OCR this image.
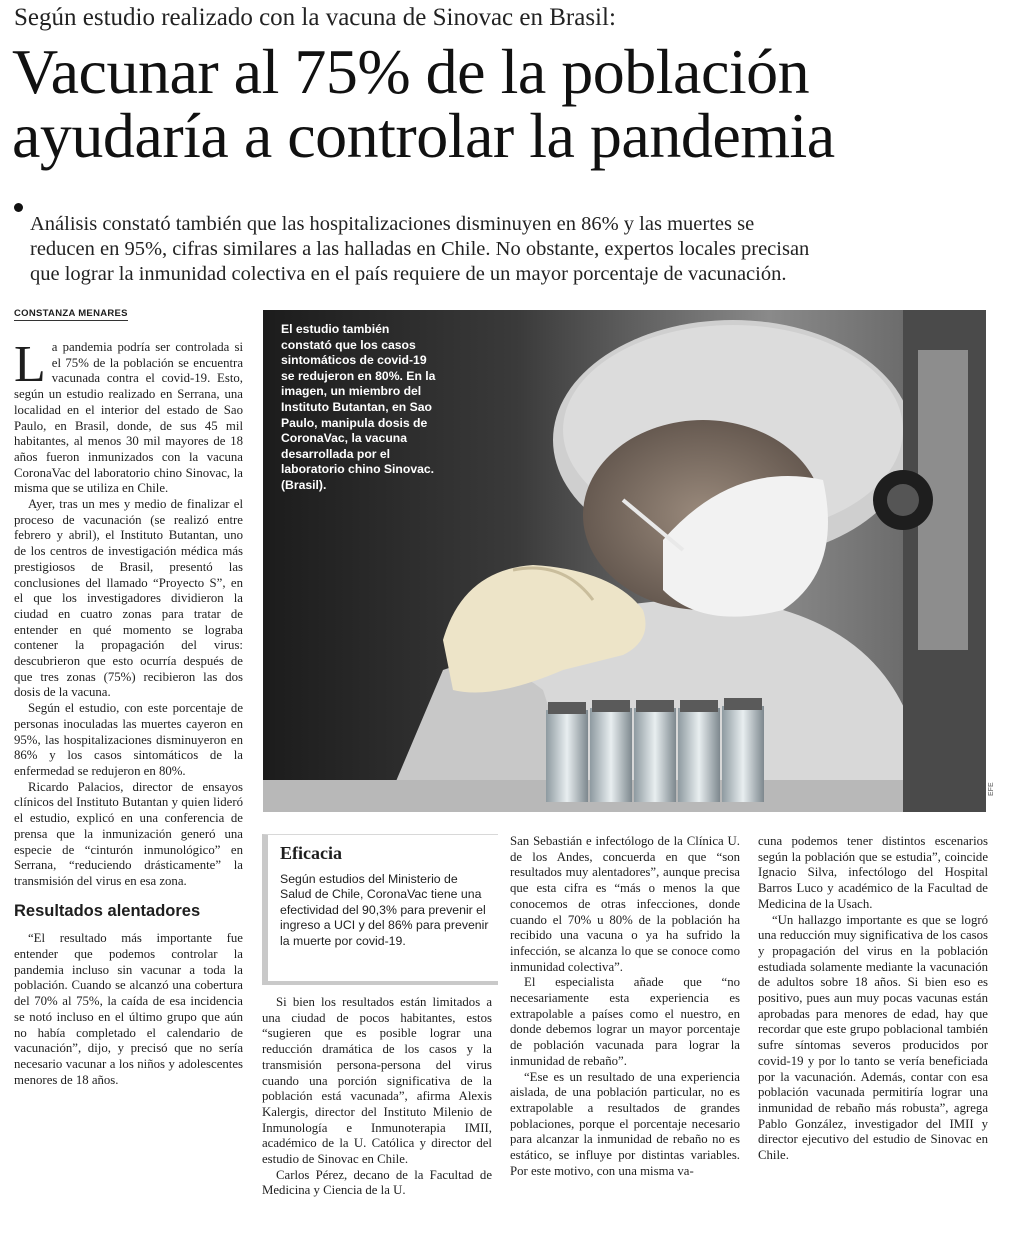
Según estudio realizado con la vacuna de Sinovac en Brasil:
Vacunar al 75% de la población
ayudaría a controlar la pandemia
Análisis constató también que las hospitalizaciones disminuyen en 86% y las muertes se
reducen en 95%, cifras similares a las halladas en Chile. No obstante, expertos locales precisan
que lograr la inmunidad colectiva en el país requiere de un mayor porcentaje de vacunación.
CONSTANZA MENARES

La pandemia podría ser controlada si el 75% de la población se encuentra vacunada contra el covid-19. Esto, según un estudio realizado en Serrana, una localidad en el interior del estado de Sao Paulo, en Brasil, donde, de sus 45 mil habitantes, al menos 30 mil mayores de 18 años fueron inmunizados con la vacuna CoronaVac del laboratorio chino Sinovac, la misma que se utiliza en Chile.

Ayer, tras un mes y medio de finalizar el proceso de vacunación (se realizó entre febrero y abril), el Instituto Butantan, uno de los centros de investigación médica más prestigiosos de Brasil, presentó las conclusiones del llamado “Proyecto S”, en el que los investigadores dividieron la ciudad en cuatro zonas para tratar de entender en qué momento se lograba contener la propagación del virus: descubrieron que esto ocurría después de que tres zonas (75%) recibieron las dos dosis de la vacuna.

Según el estudio, con este porcentaje de personas inoculadas las muertes cayeron en 95%, las hospitalizaciones disminuyeron en 86% y los casos sintomáticos de la enfermedad se redujeron en 80%.

Ricardo Palacios, director de ensayos clínicos del Instituto Butantan y quien lideró el estudio, explicó en una conferencia de prensa que la inmunización generó una especie de “cinturón inmunológico” en Serrana, “reduciendo drásticamente” la transmisión del virus en esa zona.

Resultados alentadores

“El resultado más importante fue entender que podemos controlar la pandemia incluso sin vacunar a toda la población. Cuando se alcanzó una cobertura del 70% al 75%, la caída de esa incidencia se notó incluso en el último grupo que aún no había completado el calendario de vacunación”, dijo, y precisó que no sería necesario vacunar a los niños y adolescentes menores de 18 años.

El estudio también constató que los casos sintomáticos de covid-19 se redujeron en 80%. En la imagen, un miembro del Instituto Butantan, en Sao Paulo, manipula dosis de CoronaVac, la vacuna desarrollada por el laboratorio chino Sinovac. (Brasil).
EFE
Eficacia
Según estudios del Ministerio de Salud de Chile, CoronaVac tiene una efectividad del 90,3% para prevenir el ingreso a UCI y del 86% para prevenir la muerte por covid-19.

Si bien los resultados están limitados a una ciudad de pocos habitantes, estos “sugieren que es posible lograr una reducción dramática de los casos y la transmisión persona-persona del virus cuando una porción significativa de la población está vacunada”, afirma Alexis Kalergis, director del Instituto Milenio de Inmunología e Inmunoterapia IMII, académico de la U. Católica y director del estudio de Sinovac en Chile.

Carlos Pérez, decano de la Facultad de Medicina y Ciencia de la U.

San Sebastián e infectólogo de la Clínica U. de los Andes, concuerda en que “son resultados muy alentadores”, aunque precisa que esta cifra es “más o menos la que conocemos de otras infecciones, donde cuando el 70% u 80% de la población ha recibido una vacuna o ya ha sufrido la infección, se alcanza lo que se conoce como inmunidad colectiva”.

El especialista añade que “no necesariamente esta experiencia es extrapolable a países como el nuestro, en donde debemos lograr un mayor porcentaje de población vacunada para lograr la inmunidad de rebaño”.

“Ese es un resultado de una experiencia aislada, de una población particular, no es extrapolable a resultados de grandes poblaciones, porque el porcentaje necesario para alcanzar la inmunidad de rebaño no es estático, se influye por distintas variables. Por este motivo, con una misma va-

cuna podemos tener distintos escenarios según la población que se estudia”, coincide Ignacio Silva, infectólogo del Hospital Barros Luco y académico de la Facultad de Medicina de la Usach.

“Un hallazgo importante es que se logró una reducción muy significativa de los casos y propagación del virus en la población estudiada solamente mediante la vacunación de adultos sobre 18 años. Si bien eso es positivo, pues aun muy pocas vacunas están aprobadas para menores de edad, hay que recordar que este grupo poblacional también sufre síntomas severos producidos por covid-19 y por lo tanto se vería beneficiada por la vacunación. Además, contar con esa población vacunada permitiría lograr una inmunidad de rebaño más robusta”, agrega Pablo González, investigador del IMII y director ejecutivo del estudio de Sinovac en Chile.
